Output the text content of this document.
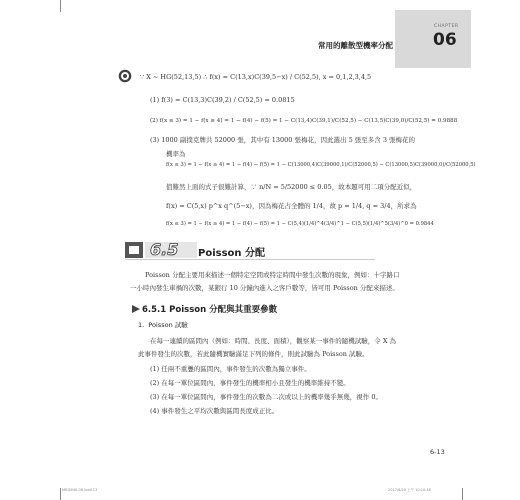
CHAPTER
常用的離散型機率分配 06
∵ X ~ HG(52,13,5) ∴ f(x) = C(13,x)C(39,5−x) / C(52,5), x = 0,1,2,3,4,5
(1) f(3) = C(13,3)C(39,2) / C(52,5) = 0.0815
(2) f(x ≤ 3) = 1 − f(x ≥ 4) = 1 − f(4) − f(5) = 1 − C(13,4)C(39,1)/C(52,5) − C(13,5)C(39,0)/C(52,5) = 0.9888
(3) 1000 副撲克牌共 52000 張，其中有 13000 張梅花，因此選出 5 張至多含 3 張梅花的
機率為
f(x ≤ 3) = 1 − f(x ≥ 4) = 1 − f(4) − f(5) = 1 − C(13000,4)C(39000,1)/C(52000,5) − C(13000,5)C(39000,0)/C(52000,5)
值難然上面的式子很難計算，∵ n/N = 5/52000 ≤ 0.05，故本題可用二項分配近似，
f(x) = C(5,x) p^x q^(5−x)，因為梅花占全體的 1/4，故 p = 1/4, q = 3/4，所求為
f(x ≤ 3) = 1 − f(x ≥ 4) = 1 − f(4) − f(5) = 1 − C(5,4)(1/4)^4(3/4)^1 − C(5,5)(1/4)^5(3/4)^0 = 0.9844
6.5 Poisson 分配
Poisson 分配主要用來描述一個特定空間或特定時間中發生次數的現象，例如：十字路口
一小時內發生車禍的次數，某銀行 10 分鐘內進入之客戶數等，皆可用 Poisson 分配來描述。
6.5.1 Poisson 分配與其重要參數
1. Poisson 試驗
在每一連續的區間內（例如：時間、長度、面積），觀察某一事件的隨機試驗，令 X 為
此事件發生的次數，若此隨機實驗滿足下列的條件，則此試驗為 Poisson 試驗。
(1) 任兩不重疊的區間內，事件發生的次數為獨立事件。
(2) 在每一單位區間內，事件發生的機率相小且發生的機率維持不變。
(3) 在每一單位區間內，事件發生的次數為二次或以上的機率幾乎無幾，視作 0。
(4) 事件發生之平均次數與區間長度成正比。
6-13
MRD5N0-06.indd 13	2017/6/20 上午 10:10:46
